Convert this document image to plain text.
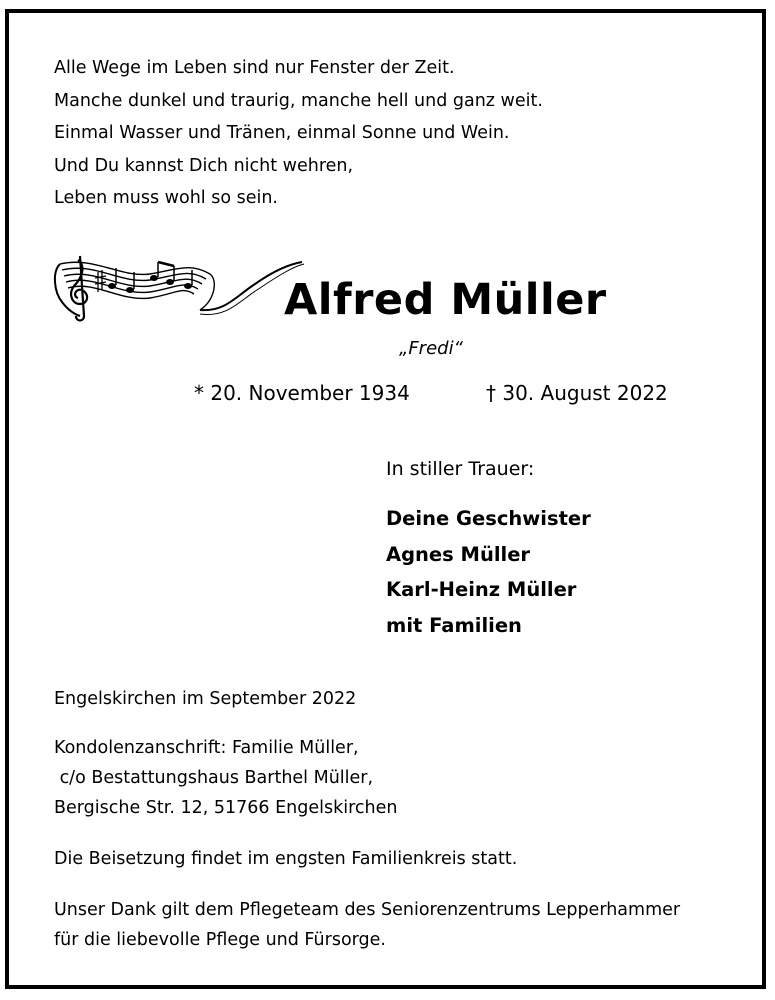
Alle Wege im Leben sind nur Fenster der Zeit.
Manche dunkel und traurig, manche hell und ganz weit.
Einmal Wasser und Tränen, einmal Sonne und Wein.
Und Du kannst Dich nicht wehren,
Leben muss wohl so sein.
Alfred Müller
„Fredi“
* 20. November 1934	† 30. August 2022
In stiller Trauer:
Deine Geschwister
Agnes Müller
Karl-Heinz Müller
mit Familien
Engelskirchen im September 2022
Kondolenzanschrift: Familie Müller,
c/o Bestattungshaus Barthel Müller,
Bergische Str. 12, 51766 Engelskirchen
Die Beisetzung findet im engsten Familienkreis statt.
Unser Dank gilt dem Pflegeteam des Seniorenzentrums Lepperhammer
für die liebevolle Pflege und Fürsorge.
